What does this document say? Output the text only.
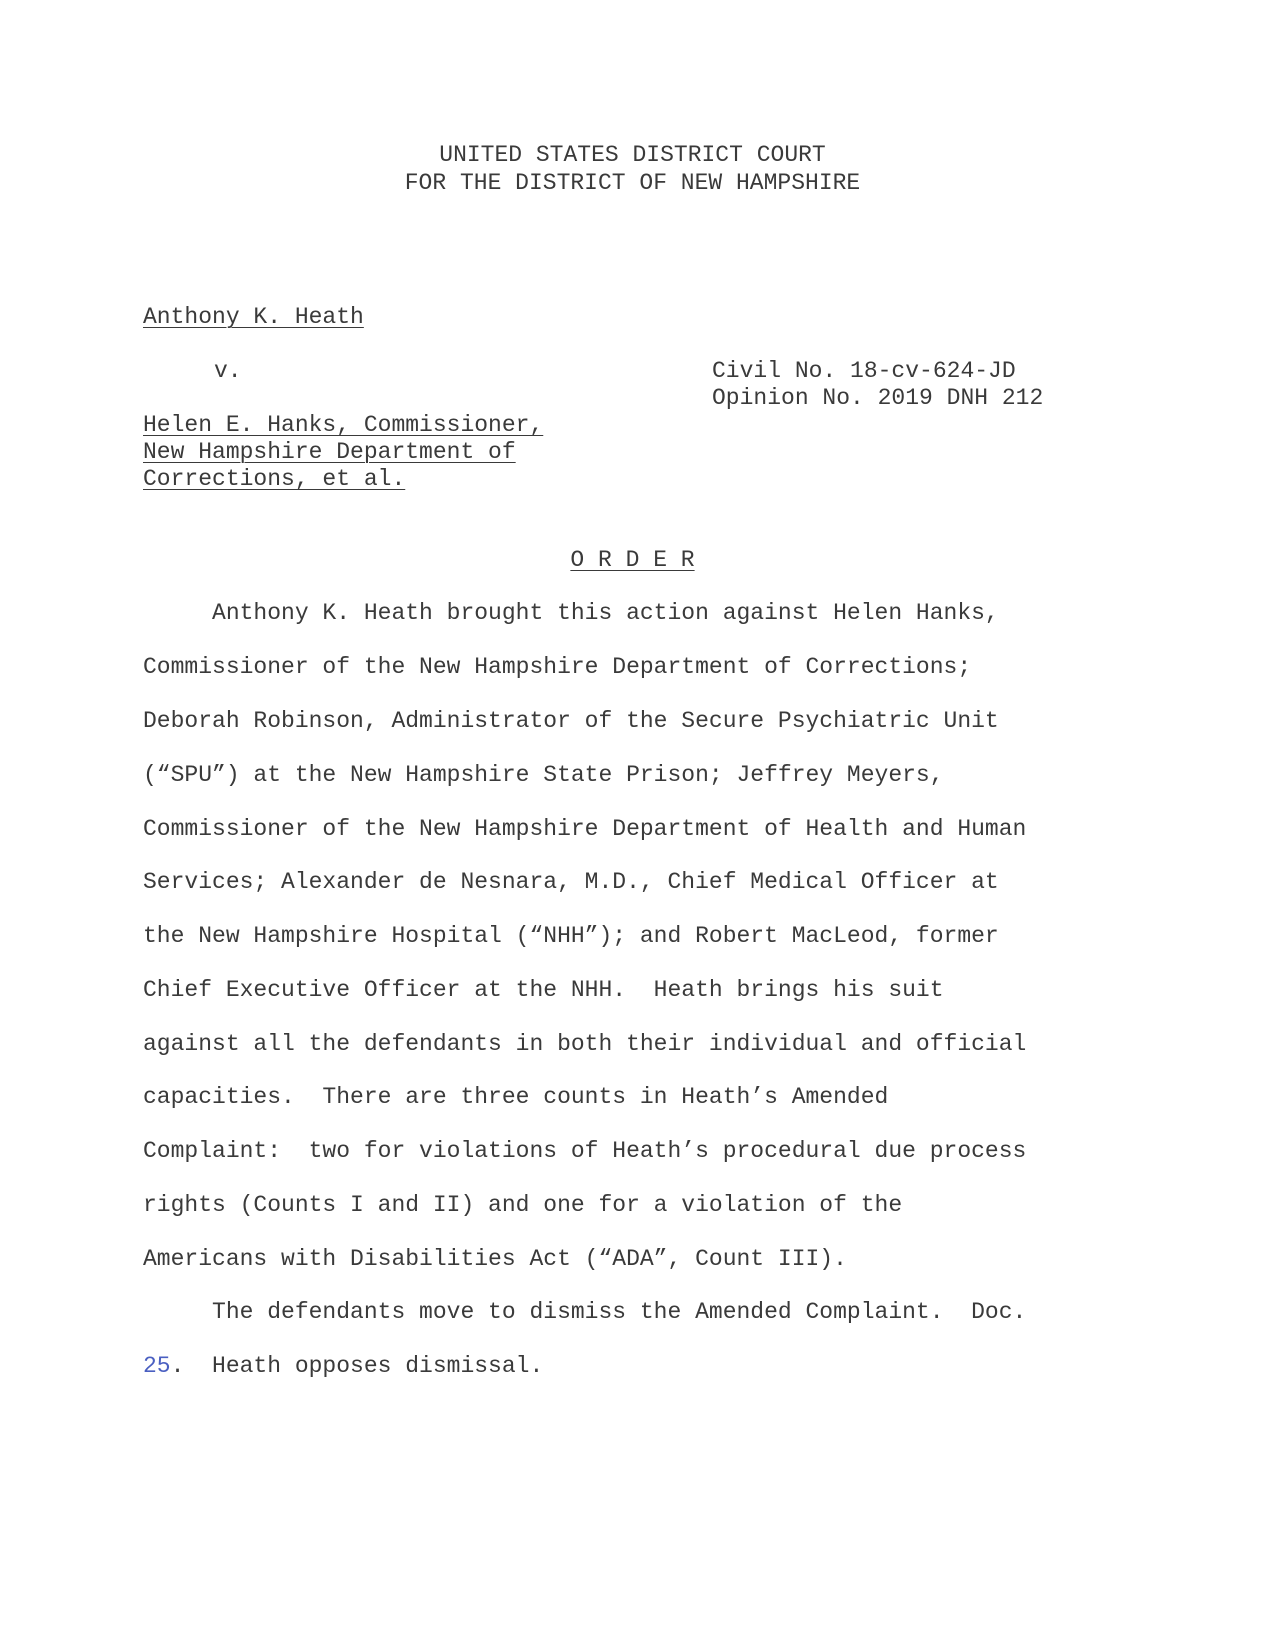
UNITED STATES DISTRICT COURT
FOR THE DISTRICT OF NEW HAMPSHIRE
Anthony K. Heath
v.	Civil No. 18-cv-624-JD
Opinion No. 2019 DNH 212
Helen E. Hanks, Commissioner,
New Hampshire Department of
Corrections, et al.
O R D E R
Anthony K. Heath brought this action against Helen Hanks,
Commissioner of the New Hampshire Department of Corrections;
Deborah Robinson, Administrator of the Secure Psychiatric Unit
(“SPU”) at the New Hampshire State Prison; Jeffrey Meyers,
Commissioner of the New Hampshire Department of Health and Human
Services; Alexander de Nesnara, M.D., Chief Medical Officer at
the New Hampshire Hospital (“NHH”); and Robert MacLeod, former
Chief Executive Officer at the NHH.  Heath brings his suit
against all the defendants in both their individual and official
capacities.  There are three counts in Heath’s Amended
Complaint:  two for violations of Heath’s procedural due process
rights (Counts I and II) and one for a violation of the
Americans with Disabilities Act (“ADA”, Count III).
The defendants move to dismiss the Amended Complaint.  Doc.
25.  Heath opposes dismissal.
